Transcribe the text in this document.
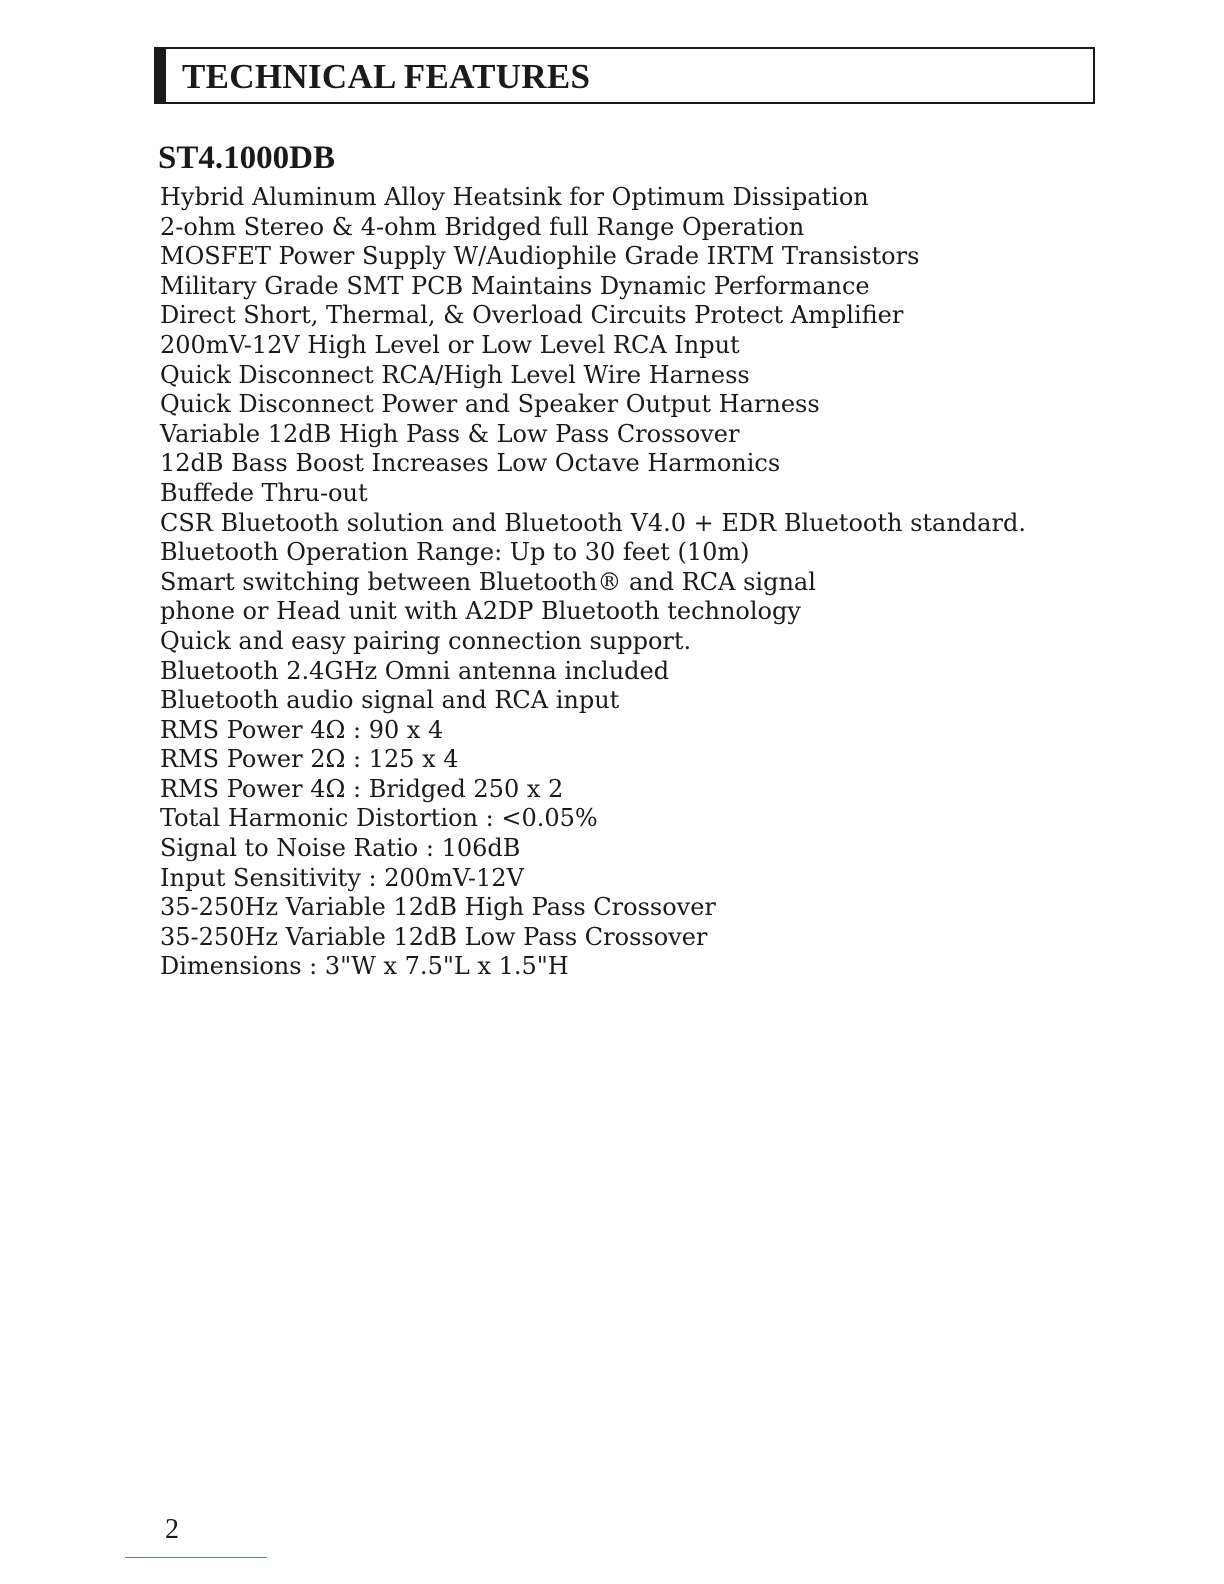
TECHNICAL FEATURES
ST4.1000DB
Hybrid Aluminum Alloy Heatsink for Optimum Dissipation
2-ohm Stereo & 4-ohm Bridged full Range Operation
MOSFET Power Supply W/Audiophile Grade IRTM Transistors
Military Grade SMT PCB Maintains Dynamic Performance
Direct Short, Thermal, & Overload Circuits Protect Amplifier
200mV-12V High Level or Low Level RCA Input
Quick Disconnect RCA/High Level Wire Harness
Quick Disconnect Power and Speaker Output Harness
Variable 12dB High Pass & Low Pass Crossover
12dB Bass Boost Increases Low Octave Harmonics
Buffede Thru-out
CSR Bluetooth solution and Bluetooth V4.0 + EDR Bluetooth standard.
Bluetooth Operation Range: Up to 30 feet (10m)
Smart switching between Bluetooth® and RCA signal
phone or Head unit with A2DP Bluetooth technology
Quick and easy pairing connection support.
Bluetooth 2.4GHz Omni antenna included
Bluetooth audio signal and RCA input
RMS Power 4Ω : 90 x 4
RMS Power 2Ω : 125 x 4
RMS Power 4Ω : Bridged 250 x 2
Total Harmonic Distortion : <0.05%
Signal to Noise Ratio : 106dB
Input Sensitivity : 200mV-12V
35-250Hz Variable 12dB High Pass Crossover
35-250Hz Variable 12dB Low Pass Crossover
Dimensions : 3"W x 7.5"L x 1.5"H
2
